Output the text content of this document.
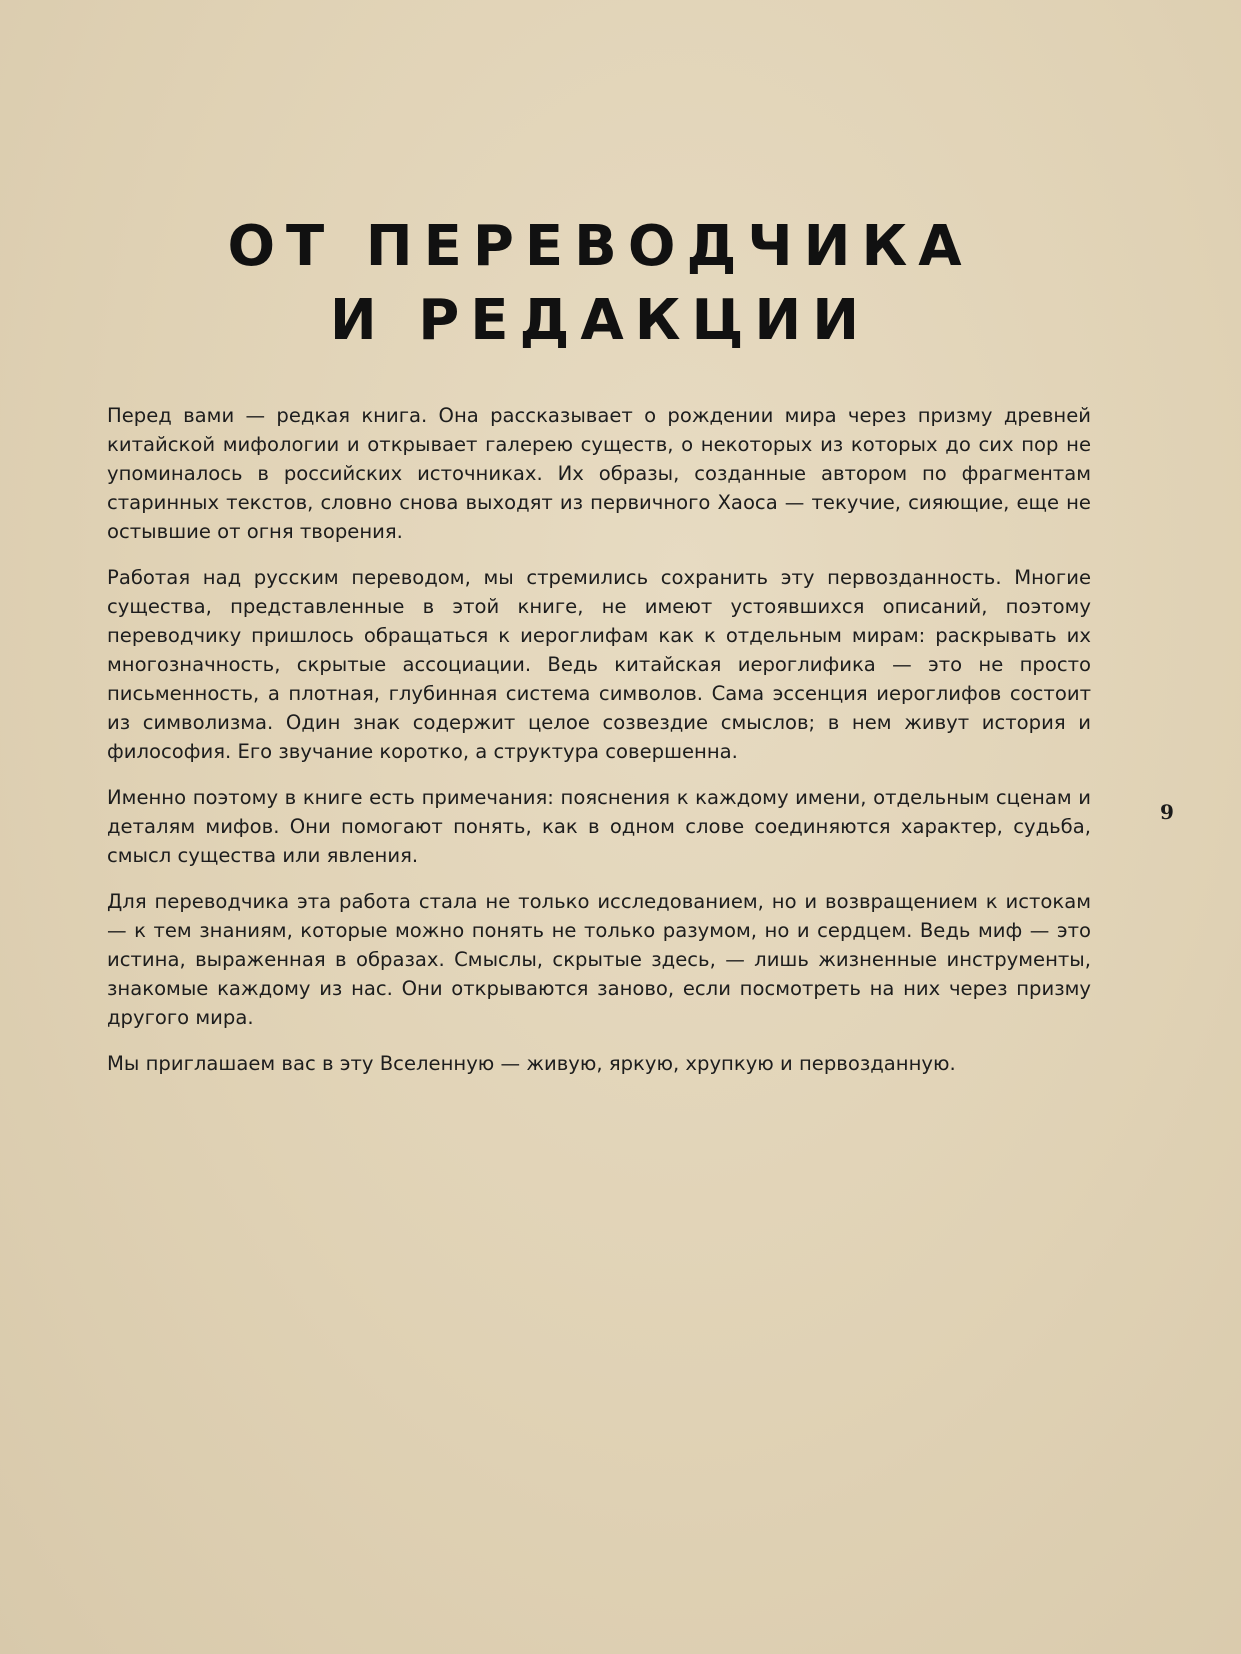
ОТ ПЕРЕВОДЧИКА
И РЕДАКЦИИ

Перед вами — редкая книга. Она рассказывает о рождении мира через призму древней китайской мифологии и открывает галерею существ, о некоторых из которых до сих пор не упоминалось в российских источниках. Их образы, созданные автором по фрагментам старинных текстов, словно снова выходят из первичного Хаоса — текучие, сияющие, еще не остывшие от огня творения.

Работая над русским переводом, мы стремились сохранить эту первозданность. Многие существа, представленные в этой книге, не имеют устоявшихся описаний, поэтому переводчику пришлось обращаться к иероглифам как к отдельным мирам: раскрывать их многозначность, скрытые ассоциации. Ведь китайская иероглифика — это не просто письменность, а плотная, глубинная система символов. Сама эссенция иероглифов состоит из символизма. Один знак содержит целое созвездие смыслов; в нем живут история и философия. Его звучание коротко, а структура совершенна.

Именно поэтому в книге есть примечания: пояснения к каждому имени, отдельным сценам и деталям мифов. Они помогают понять, как в одном слове соединяются характер, судьба, смысл существа или явления.

Для переводчика эта работа стала не только исследованием, но и возвращением к истокам — к тем знаниям, которые можно понять не только разумом, но и сердцем. Ведь миф — это истина, выраженная в образах. Смыслы, скрытые здесь, — лишь жизненные инструменты, знакомые каждому из нас. Они открываются заново, если посмотреть на них через призму другого мира.

Мы приглашаем вас в эту Вселенную — живую, яркую, хрупкую и первозданную.

9
